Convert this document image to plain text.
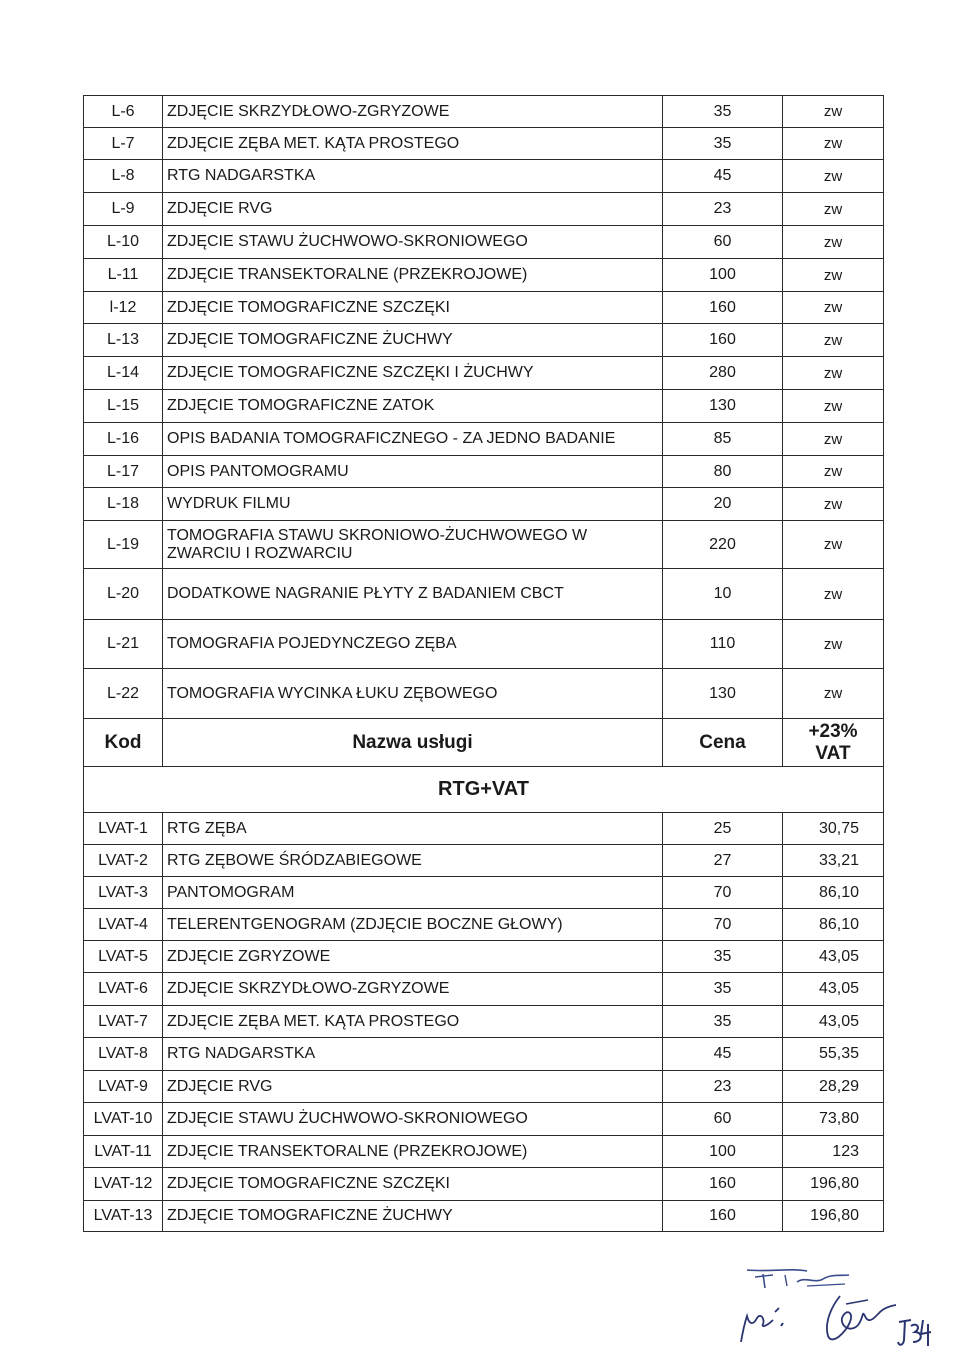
L-6	ZDJĘCIE SKRZYDŁOWO-ZGRYZOWE	35	zw
L-7	ZDJĘCIE ZĘBA MET. KĄTA PROSTEGO	35	zw
L-8	RTG NADGARSTKA	45	zw
L-9	ZDJĘCIE RVG	23	zw
L-10	ZDJĘCIE STAWU ŻUCHWOWO-SKRONIOWEGO	60	zw
L-11	ZDJĘCIE TRANSEKTORALNE (PRZEKROJOWE)	100	zw
l-12	ZDJĘCIE TOMOGRAFICZNE SZCZĘKI	160	zw
L-13	ZDJĘCIE TOMOGRAFICZNE ŻUCHWY	160	zw
L-14	ZDJĘCIE TOMOGRAFICZNE SZCZĘKI I ŻUCHWY	280	zw
L-15	ZDJĘCIE TOMOGRAFICZNE ZATOK	130	zw
L-16	OPIS BADANIA TOMOGRAFICZNEGO - ZA JEDNO BADANIE	85	zw
L-17	OPIS PANTOMOGRAMU	80	zw
L-18	WYDRUK FILMU	20	zw
L-19	TOMOGRAFIA STAWU SKRONIOWO-ŻUCHWOWEGO W ZWARCIU I ROZWARCIU	220	zw
L-20	DODATKOWE NAGRANIE PŁYTY Z BADANIEM CBCT	10	zw
L-21	TOMOGRAFIA POJEDYNCZEGO ZĘBA	110	zw
L-22	TOMOGRAFIA WYCINKA ŁUKU ZĘBOWEGO	130	zw
Kod	Nazwa usługi	Cena	+23%
VAT
RTG+VAT			
LVAT-1	RTG ZĘBA	25	30,75
LVAT-2	RTG ZĘBOWE ŚRÓDZABIEGOWE	27	33,21
LVAT-3	PANTOMOGRAM	70	86,10
LVAT-4	TELERENTGENOGRAM (ZDJĘCIE BOCZNE GŁOWY)	70	86,10
LVAT-5	ZDJĘCIE ZGRYZOWE	35	43,05
LVAT-6	ZDJĘCIE SKRZYDŁOWO-ZGRYZOWE	35	43,05
LVAT-7	ZDJĘCIE ZĘBA MET. KĄTA PROSTEGO	35	43,05
LVAT-8	RTG NADGARSTKA	45	55,35
LVAT-9	ZDJĘCIE RVG	23	28,29
LVAT-10	ZDJĘCIE STAWU ŻUCHWOWO-SKRONIOWEGO	60	73,80
LVAT-11	ZDJĘCIE TRANSEKTORALNE (PRZEKROJOWE)	100	123
LVAT-12	ZDJĘCIE TOMOGRAFICZNE SZCZĘKI	160	196,80
LVAT-13	ZDJĘCIE TOMOGRAFICZNE ŻUCHWY	160	196,80
